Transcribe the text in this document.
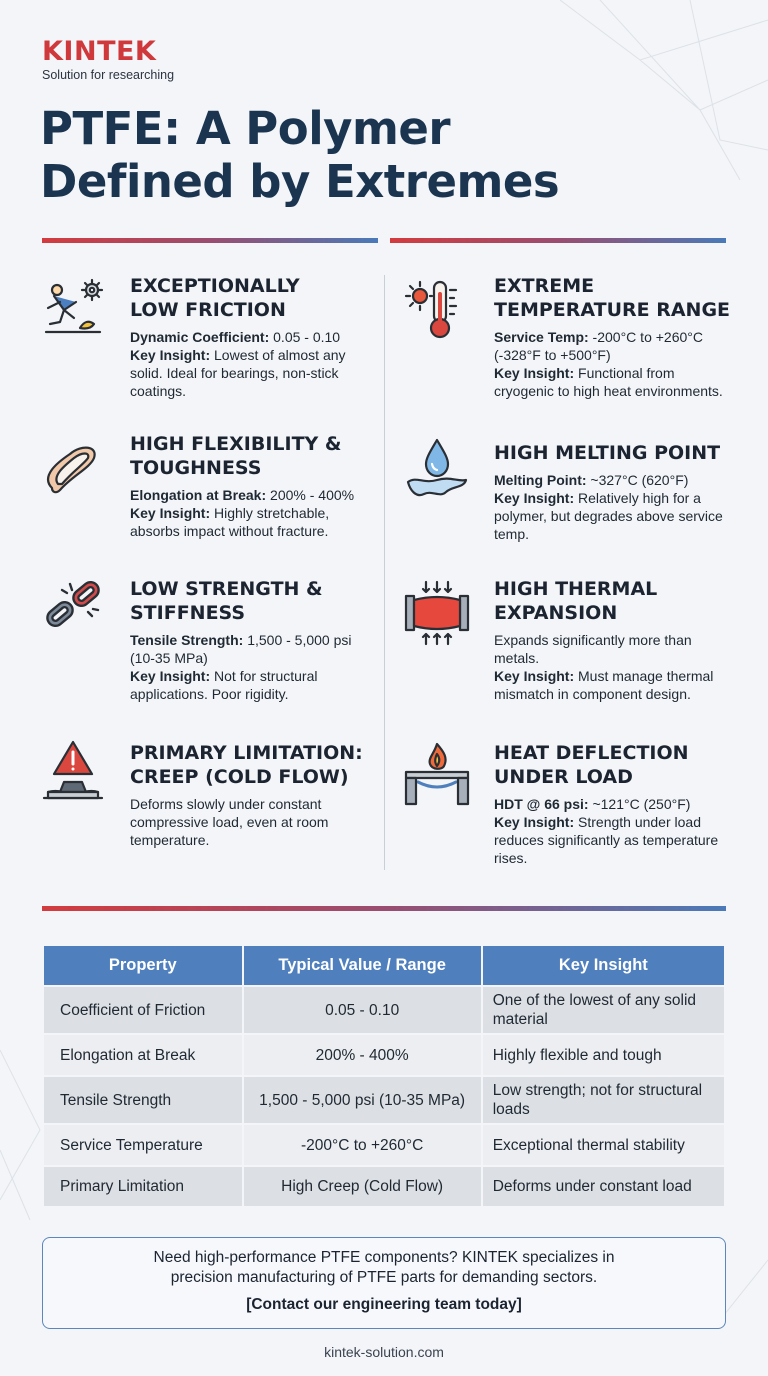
KINTEK
Solution for researching
PTFE: A Polymer
Defined by Extremes
EXCEPTIONALLY
LOW FRICTION
Dynamic Coefficient: 0.05 - 0.10
Key Insight: Lowest of almost any solid. Ideal for bearings, non-stick coatings.
HIGH FLEXIBILITY &
TOUGHNESS
Elongation at Break: 200% - 400%
Key Insight: Highly stretchable, absorbs impact without fracture.
LOW STRENGTH &
STIFFNESS
Tensile Strength: 1,500 - 5,000 psi (10-35 MPa)
Key Insight: Not for structural applications. Poor rigidity.
PRIMARY LIMITATION:
CREEP (COLD FLOW)
Deforms slowly under constant compressive load, even at room temperature.
EXTREME
TEMPERATURE RANGE
Service Temp: -200°C to +260°C (-328°F to +500°F)
Key Insight: Functional from cryogenic to high heat environments.
HIGH MELTING POINT
Melting Point: ~327°C (620°F)
Key Insight: Relatively high for a polymer, but degrades above service temp.
HIGH THERMAL
EXPANSION
Expands significantly more than metals.
Key Insight: Must manage thermal mismatch in component design.
HEAT DEFLECTION
UNDER LOAD
HDT @ 66 psi: ~121°C (250°F)
Key Insight: Strength under load reduces significantly as temperature rises.
Property	Typical Value / Range	Key Insight
Coefficient of Friction	0.05 - 0.10	One of the lowest of any solid material
Elongation at Break	200% - 400%	Highly flexible and tough
Tensile Strength	1,500 - 5,000 psi (10-35 MPa)	Low strength; not for structural loads
Service Temperature	-200°C to +260°C	Exceptional thermal stability
Primary Limitation	High Creep (Cold Flow)	Deforms under constant load
Need high-performance PTFE components? KINTEK specializes in
precision manufacturing of PTFE parts for demanding sectors.
[Contact our engineering team today]
kintek-solution.com
